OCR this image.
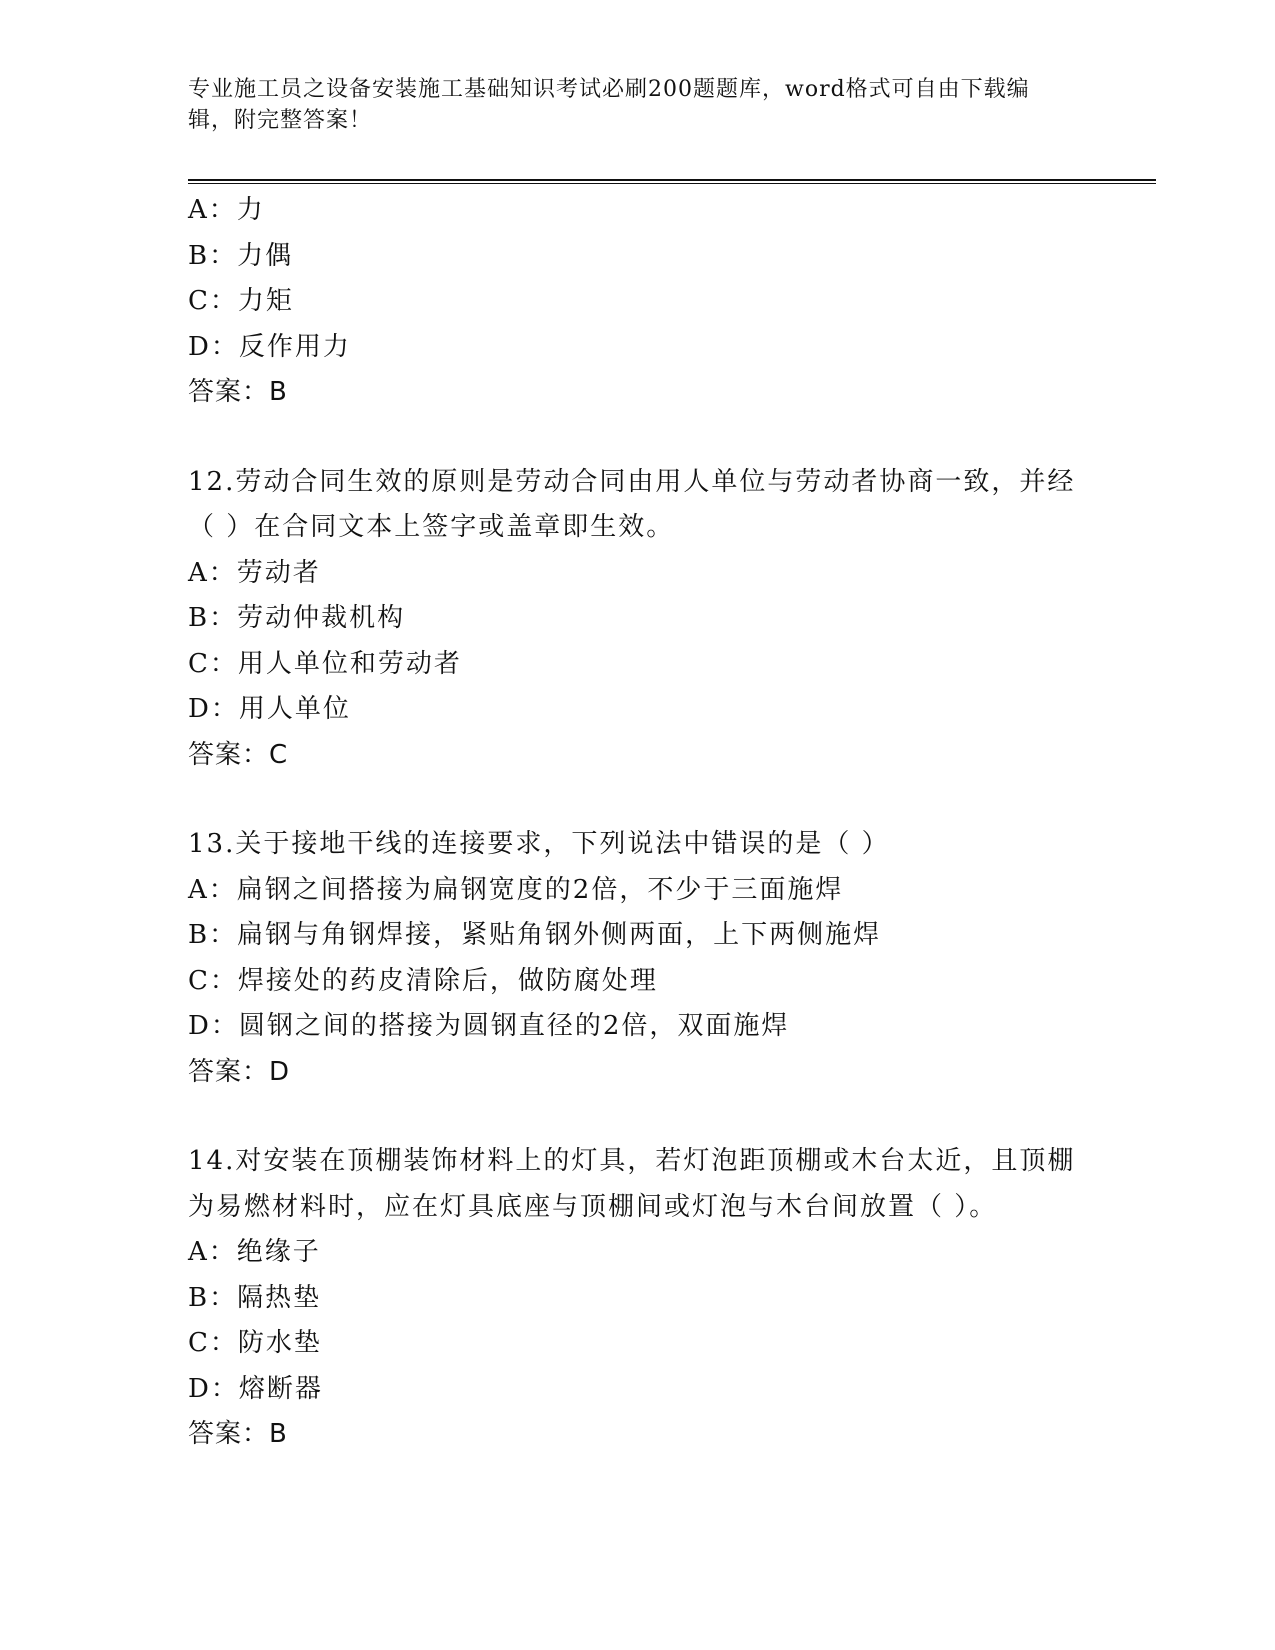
专业施工员之设备安装施工基础知识考试必刷200题题库，word格式可自由下载编辑，附完整答案！
A：力
B：力偶
C：力矩
D：反作用力
答案：B
12.劳动合同生效的原则是劳动合同由用人单位与劳动者协商一致，并经（ ）在合同文本上签字或盖章即生效。
A：劳动者
B：劳动仲裁机构
C：用人单位和劳动者
D：用人单位
答案：C
13.关于接地干线的连接要求，下列说法中错误的是（ ）
A：扁钢之间搭接为扁钢宽度的2倍，不少于三面施焊
B：扁钢与角钢焊接，紧贴角钢外侧两面，上下两侧施焊
C：焊接处的药皮清除后，做防腐处理
D：圆钢之间的搭接为圆钢直径的2倍，双面施焊
答案：D
14.对安装在顶棚装饰材料上的灯具，若灯泡距顶棚或木台太近，且顶棚为易燃材料时，应在灯具底座与顶棚间或灯泡与木台间放置（ ）。
A：绝缘子
B：隔热垫
C：防水垫
D：熔断器
答案：B
